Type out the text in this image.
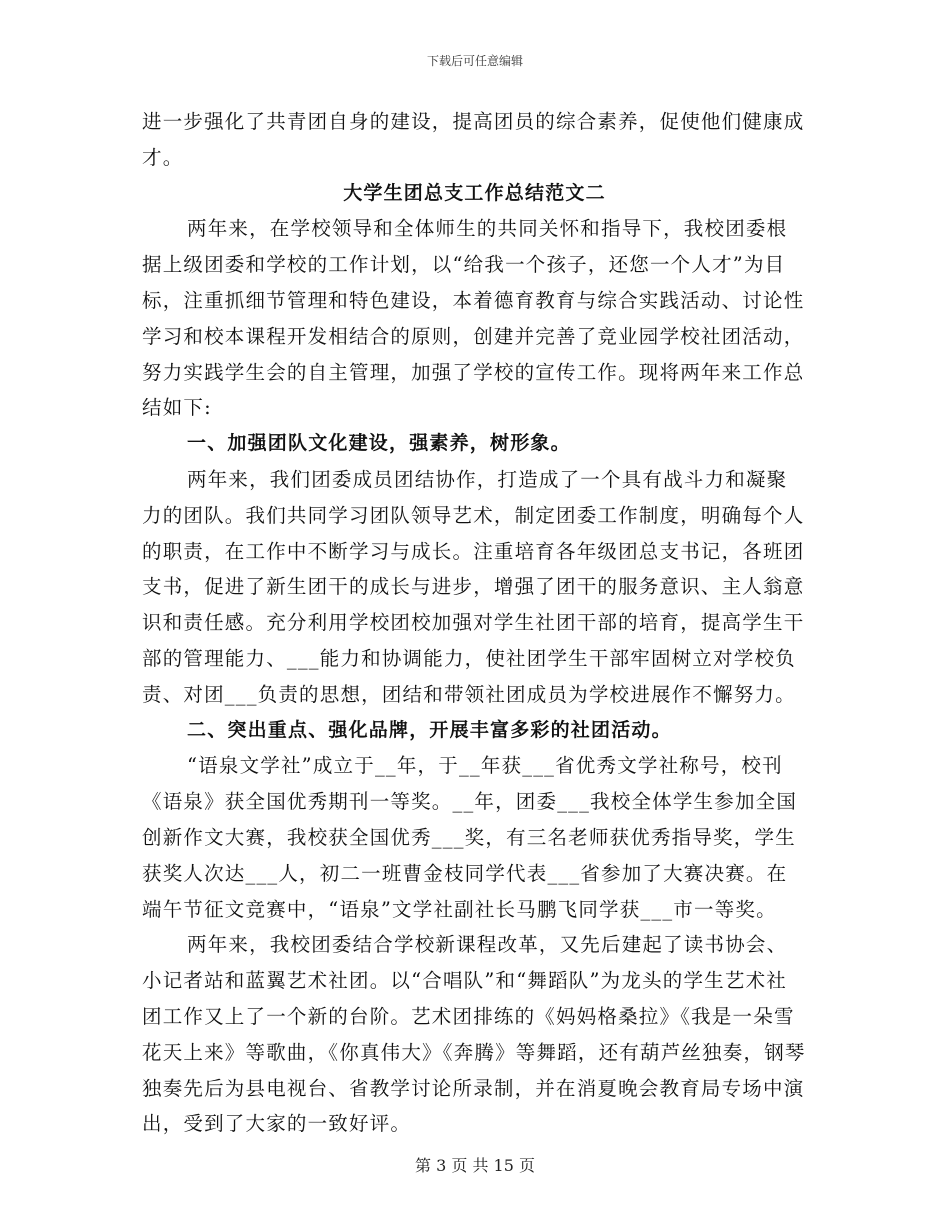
下载后可任意编辑

进一步强化了共青团自身的建设，提高团员的综合素养，促使他们健康成才。

大学生团总支工作总结范文二

两年来，在学校领导和全体师生的共同关怀和指导下，我校团委根据上级团委和学校的工作计划，以“给我一个孩子，还您一个人才”为目标，注重抓细节管理和特色建设，本着德育教育与综合实践活动、讨论性学习和校本课程开发相结合的原则，创建并完善了竞业园学校社团活动，努力实践学生会的自主管理，加强了学校的宣传工作。现将两年来工作总结如下:

一、加强团队文化建设，强素养，树形象。

两年来，我们团委成员团结协作，打造成了一个具有战斗力和凝聚力的团队。我们共同学习团队领导艺术，制定团委工作制度，明确每个人的职责，在工作中不断学习与成长。注重培育各年级团总支书记，各班团支书，促进了新生团干的成长与进步，增强了团干的服务意识、主人翁意识和责任感。充分利用学校团校加强对学生社团干部的培育，提高学生干部的管理能力、___能力和协调能力，使社团学生干部牢固树立对学校负责、对团___负责的思想，团结和带领社团成员为学校进展作不懈努力。

二、突出重点、强化品牌，开展丰富多彩的社团活动。

“语泉文学社”成立于__年，于__年获___省优秀文学社称号，校刊《语泉》获全国优秀期刊一等奖。__年，团委___我校全体学生参加全国创新作文大赛，我校获全国优秀___奖，有三名老师获优秀指导奖，学生获奖人次达___人，初二一班曹金枝同学代表___省参加了大赛决赛。在端午节征文竞赛中，“语泉”文学社副社长马鹏飞同学获___市一等奖。

两年来，我校团委结合学校新课程改革，又先后建起了读书协会、小记者站和蓝翼艺术社团。以“合唱队”和“舞蹈队”为龙头的学生艺术社团工作又上了一个新的台阶。艺术团排练的《妈妈格桑拉》《我是一朵雪花天上来》等歌曲，《你真伟大》《奔腾》等舞蹈，还有葫芦丝独奏，钢琴独奏先后为县电视台、省教学讨论所录制，并在消夏晚会教育局专场中演出，受到了大家的一致好评。

第 3 页 共 15 页
